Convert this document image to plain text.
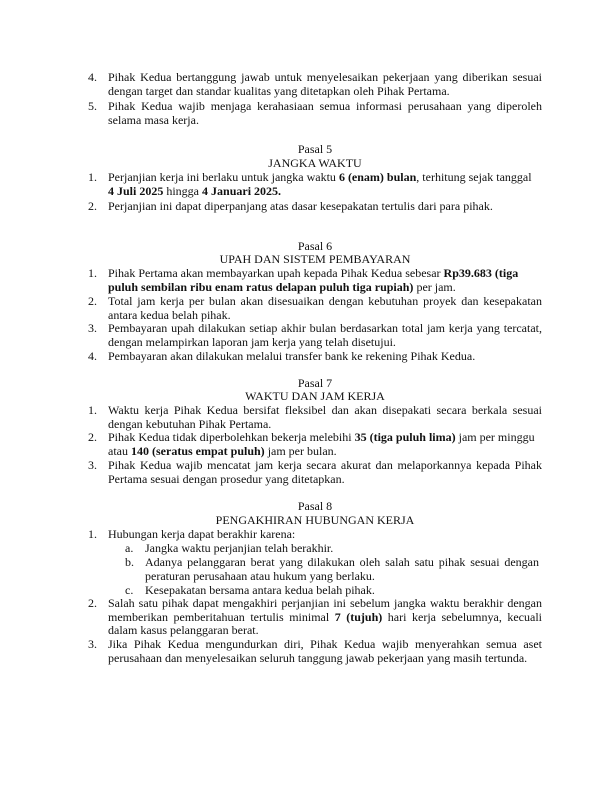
4. Pihak Kedua bertanggung jawab untuk menyelesaikan pekerjaan yang diberikan sesuai
dengan target dan standar kualitas yang ditetapkan oleh Pihak Pertama.
5. Pihak Kedua wajib menjaga kerahasiaan semua informasi perusahaan yang diperoleh
selama masa kerja.
Pasal 5
JANGKA WAKTU
1. Perjanjian kerja ini berlaku untuk jangka waktu 6 (enam) bulan, terhitung sejak tanggal
4 Juli 2025 hingga 4 Januari 2025.
2. Perjanjian ini dapat diperpanjang atas dasar kesepakatan tertulis dari para pihak.
Pasal 6
UPAH DAN SISTEM PEMBAYARAN
1. Pihak Pertama akan membayarkan upah kepada Pihak Kedua sebesar Rp39.683 (tiga
puluh sembilan ribu enam ratus delapan puluh tiga rupiah) per jam.
2. Total jam kerja per bulan akan disesuaikan dengan kebutuhan proyek dan kesepakatan
antara kedua belah pihak.
3. Pembayaran upah dilakukan setiap akhir bulan berdasarkan total jam kerja yang tercatat,
dengan melampirkan laporan jam kerja yang telah disetujui.
4. Pembayaran akan dilakukan melalui transfer bank ke rekening Pihak Kedua.
Pasal 7
WAKTU DAN JAM KERJA
1. Waktu kerja Pihak Kedua bersifat fleksibel dan akan disepakati secara berkala sesuai
dengan kebutuhan Pihak Pertama.
2. Pihak Kedua tidak diperbolehkan bekerja melebihi 35 (tiga puluh lima) jam per minggu
atau 140 (seratus empat puluh) jam per bulan.
3. Pihak Kedua wajib mencatat jam kerja secara akurat dan melaporkannya kepada Pihak
Pertama sesuai dengan prosedur yang ditetapkan.
Pasal 8
PENGAKHIRAN HUBUNGAN KERJA
1. Hubungan kerja dapat berakhir karena:
a. Jangka waktu perjanjian telah berakhir.
b. Adanya pelanggaran berat yang dilakukan oleh salah satu pihak sesuai dengan
peraturan perusahaan atau hukum yang berlaku.
c. Kesepakatan bersama antara kedua belah pihak.
2. Salah satu pihak dapat mengakhiri perjanjian ini sebelum jangka waktu berakhir dengan
memberikan pemberitahuan tertulis minimal 7 (tujuh) hari kerja sebelumnya, kecuali
dalam kasus pelanggaran berat.
3. Jika Pihak Kedua mengundurkan diri, Pihak Kedua wajib menyerahkan semua aset
perusahaan dan menyelesaikan seluruh tanggung jawab pekerjaan yang masih tertunda.
